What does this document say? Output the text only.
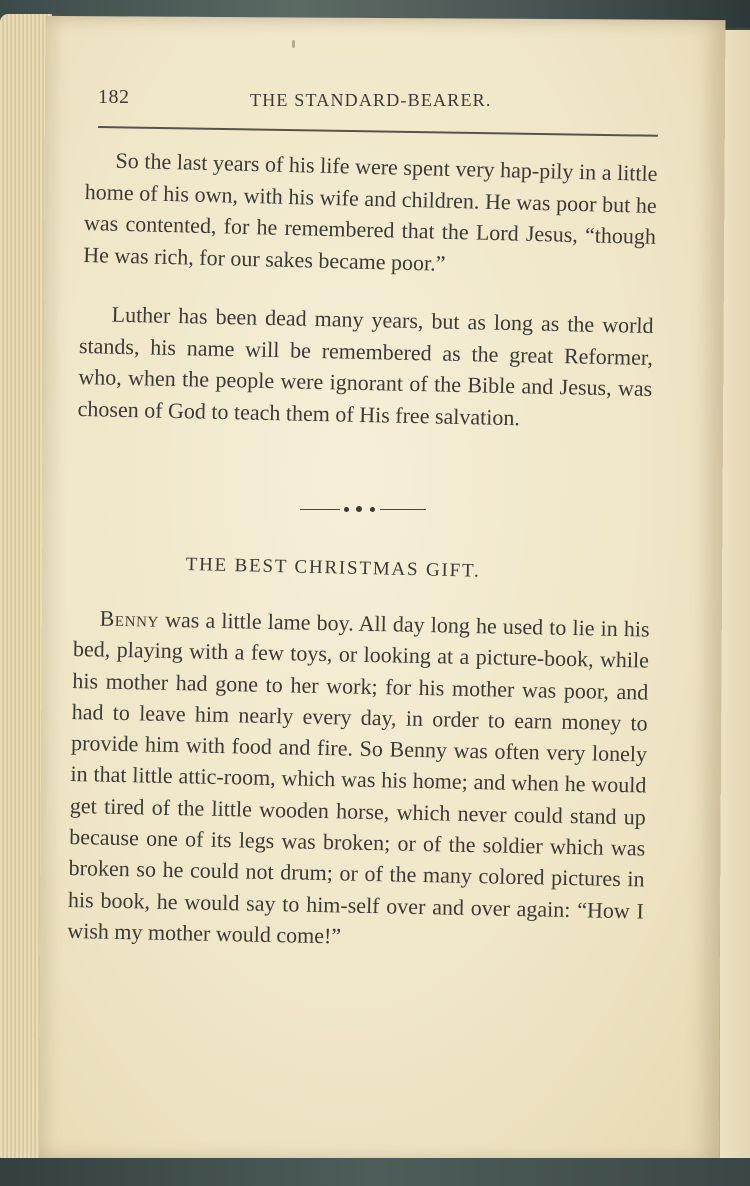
182	THE STANDARD-BEARER.

So the last years of his life were spent very hap-pily in a little home of his own, with his wife and children. He was poor but he was contented, for he remembered that the Lord Jesus, “though He was rich, for our sakes became poor.”

Luther has been dead many years, but as long as the world stands, his name will be remembered as the great Reformer, who, when the people were ignorant of the Bible and Jesus, was chosen of God to teach them of His free salvation.

THE BEST CHRISTMAS GIFT.

Benny was a little lame boy. All day long he used to lie in his bed, playing with a few toys, or looking at a picture-book, while his mother had gone to her work; for his mother was poor, and had to leave him nearly every day, in order to earn money to provide him with food and fire. So Benny was often very lonely in that little attic-room, which was his home; and when he would get tired of the little wooden horse, which never could stand up because one of its legs was broken; or of the soldier which was broken so he could not drum; or of the many colored pictures in his book, he would say to him-self over and over again: “How I wish my mother would come!”
